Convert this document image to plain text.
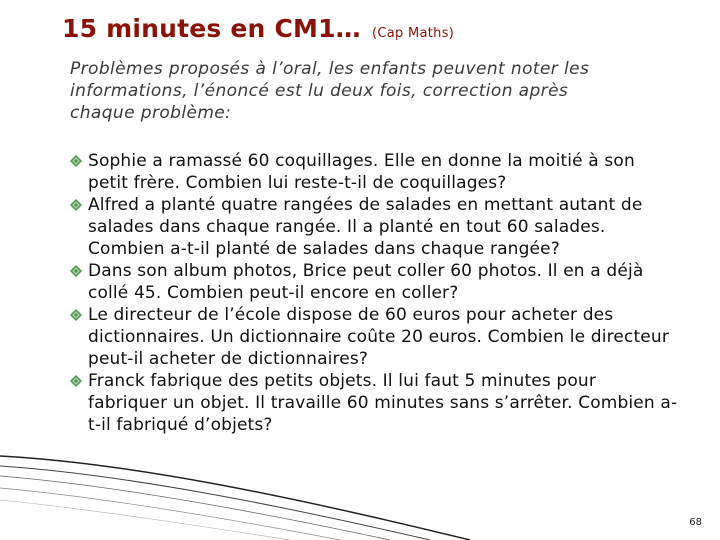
15 minutes en CM1… (Cap Maths)
Problèmes proposés à l’oral, les enfants peuvent noter les informations, l’énoncé est lu deux fois, correction après chaque problème:
Sophie a ramassé 60 coquillages. Elle en donne la moitié à son petit frère. Combien lui reste-t-il de coquillages?
Alfred a planté quatre rangées de salades en mettant autant de salades dans chaque rangée. Il a planté en tout 60 salades. Combien a-t-il planté de salades dans chaque rangée?
Dans son album photos, Brice peut coller 60 photos. Il en a déjà collé 45. Combien peut-il encore en coller?
Le directeur de l’école dispose de 60 euros pour acheter des dictionnaires. Un dictionnaire coûte 20 euros. Combien le directeur peut-il acheter de dictionnaires?
Franck fabrique des petits objets. Il lui faut 5 minutes pour fabriquer un objet. Il travaille 60 minutes sans s’arrêter. Combien a-t-il fabriqué d’objets?
68
